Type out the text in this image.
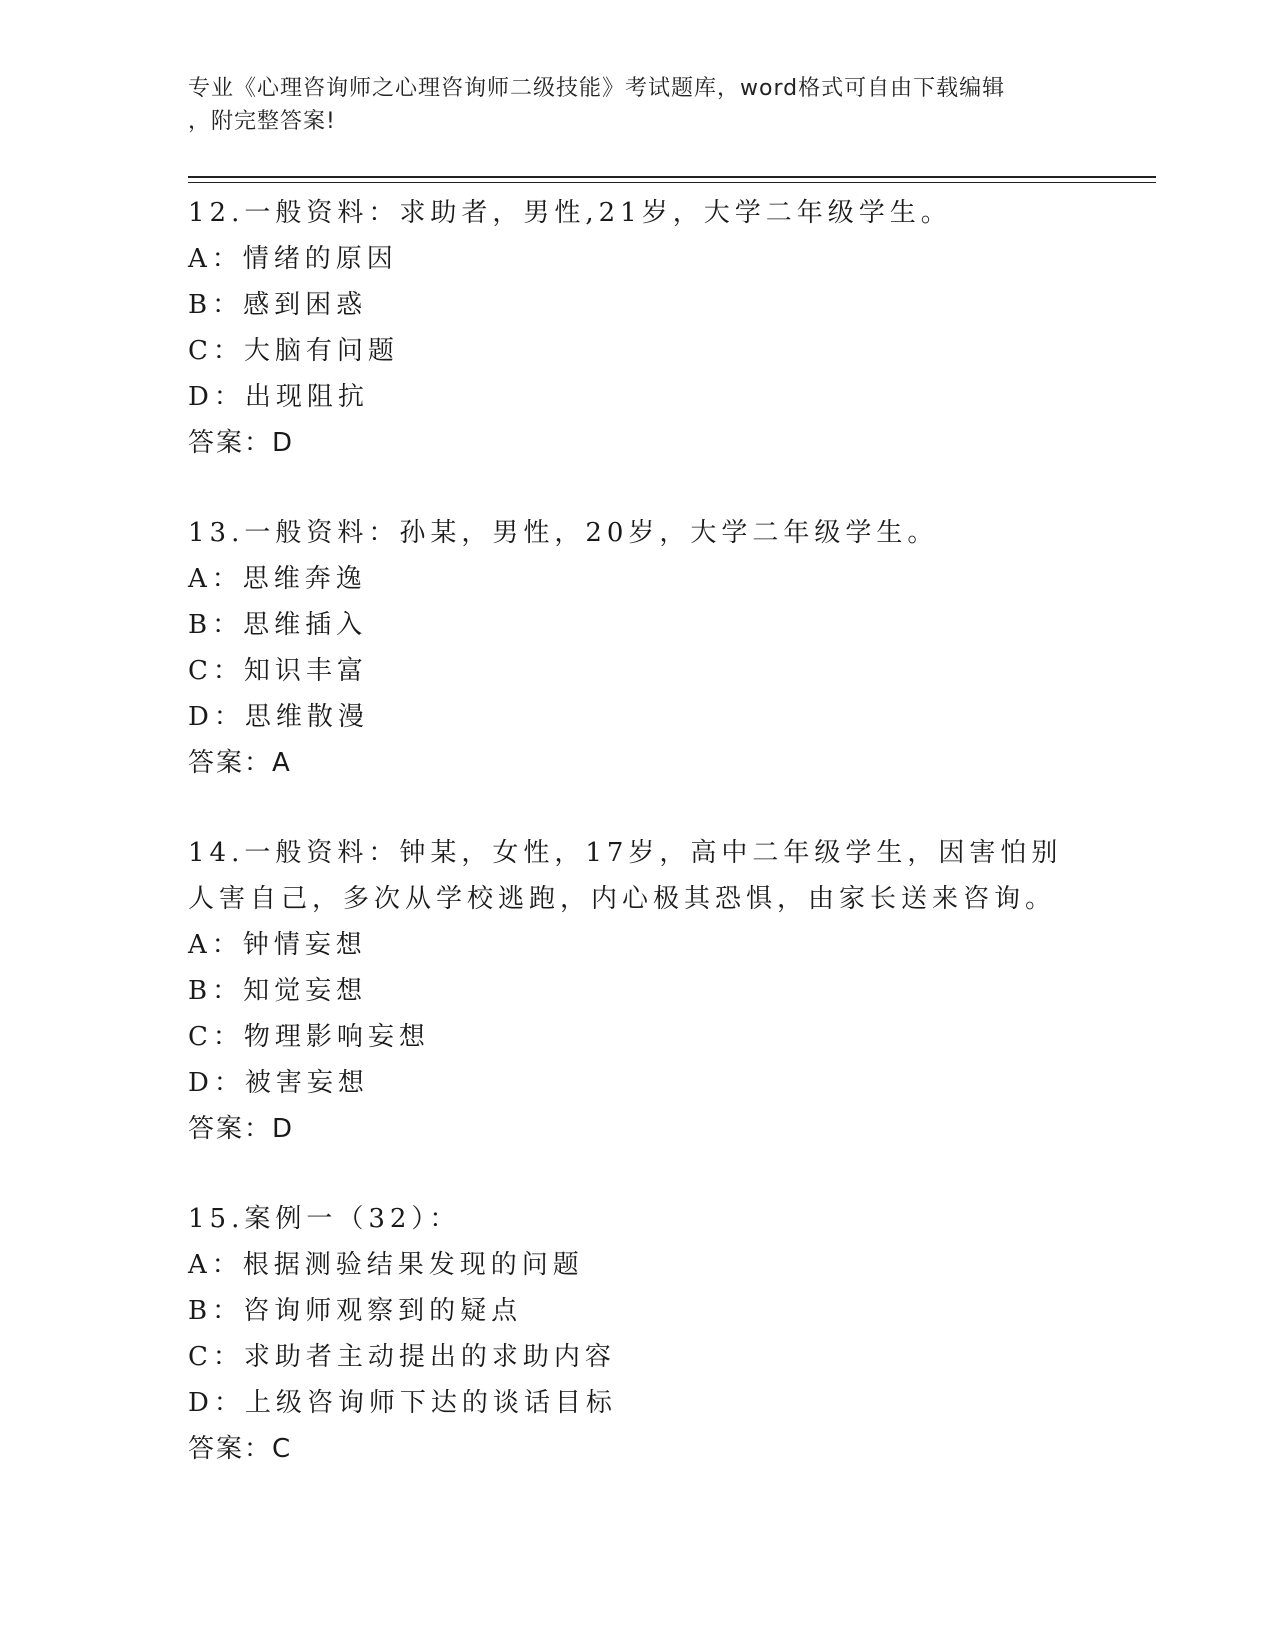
专业《心理咨询师之心理咨询师二级技能》考试题库，word格式可自由下载编辑
，附完整答案!
12.一般资料：求助者，男性,21岁，大学二年级学生。
A：情绪的原因
B：感到困惑
C：大脑有问题
D：出现阻抗
答案：D
13.一般资料：孙某，男性，20岁，大学二年级学生。
A：思维奔逸
B：思维插入
C：知识丰富
D：思维散漫
答案：A
14.一般资料：钟某，女性，17岁，高中二年级学生，因害怕别人害自己，多次从学校逃跑，内心极其恐惧，由家长送来咨询。
A：钟情妄想
B：知觉妄想
C：物理影响妄想
D：被害妄想
答案：D
15.案例一（32）：
A：根据测验结果发现的问题
B：咨询师观察到的疑点
C：求助者主动提出的求助内容
D：上级咨询师下达的谈话目标
答案：C
